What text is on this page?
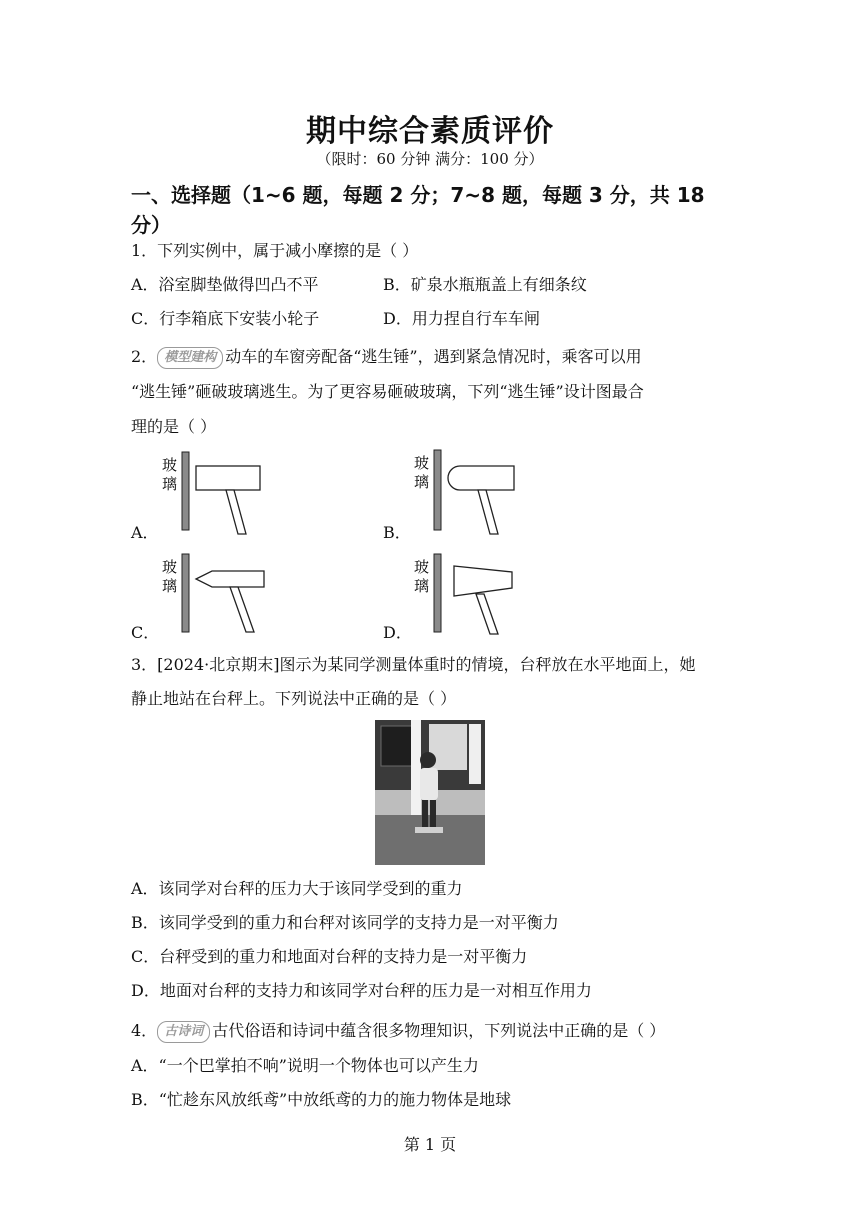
期中综合素质评价
（限时：60 分钟 满分：100 分）
一、选择题（1~6 题，每题 2 分；7~8 题，每题 3 分，共 18
分）
1．下列实例中，属于减小摩擦的是（ ）
A．浴室脚垫做得凹凸不平	B．矿泉水瓶瓶盖上有细条纹
C．行李箱底下安装小轮子	D．用力捏自行车车闸
2． 模型建构 动车的车窗旁配备“逃生锤”，遇到紧急情况时，乘客可以用
“逃生锤”砸破玻璃逃生。为了更容易砸破玻璃，下列“逃生锤”设计图最合
理的是（ ）
玻
璃
A．
玻
璃
B．
玻
璃
C．
玻
璃
D．
3．[2024·北京期末]图示为某同学测量体重时的情境，台秤放在水平地面上，她
静止地站在台秤上。下列说法中正确的是（ ）
A．该同学对台秤的压力大于该同学受到的重力
B．该同学受到的重力和台秤对该同学的支持力是一对平衡力
C．台秤受到的重力和地面对台秤的支持力是一对平衡力
D．地面对台秤的支持力和该同学对台秤的压力是一对相互作用力
4． 古诗词 古代俗语和诗词中蕴含很多物理知识，下列说法中正确的是（ ）
A．“一个巴掌拍不响”说明一个物体也可以产生力
B．“忙趁东风放纸鸢”中放纸鸢的力的施力物体是地球
第 1 页
